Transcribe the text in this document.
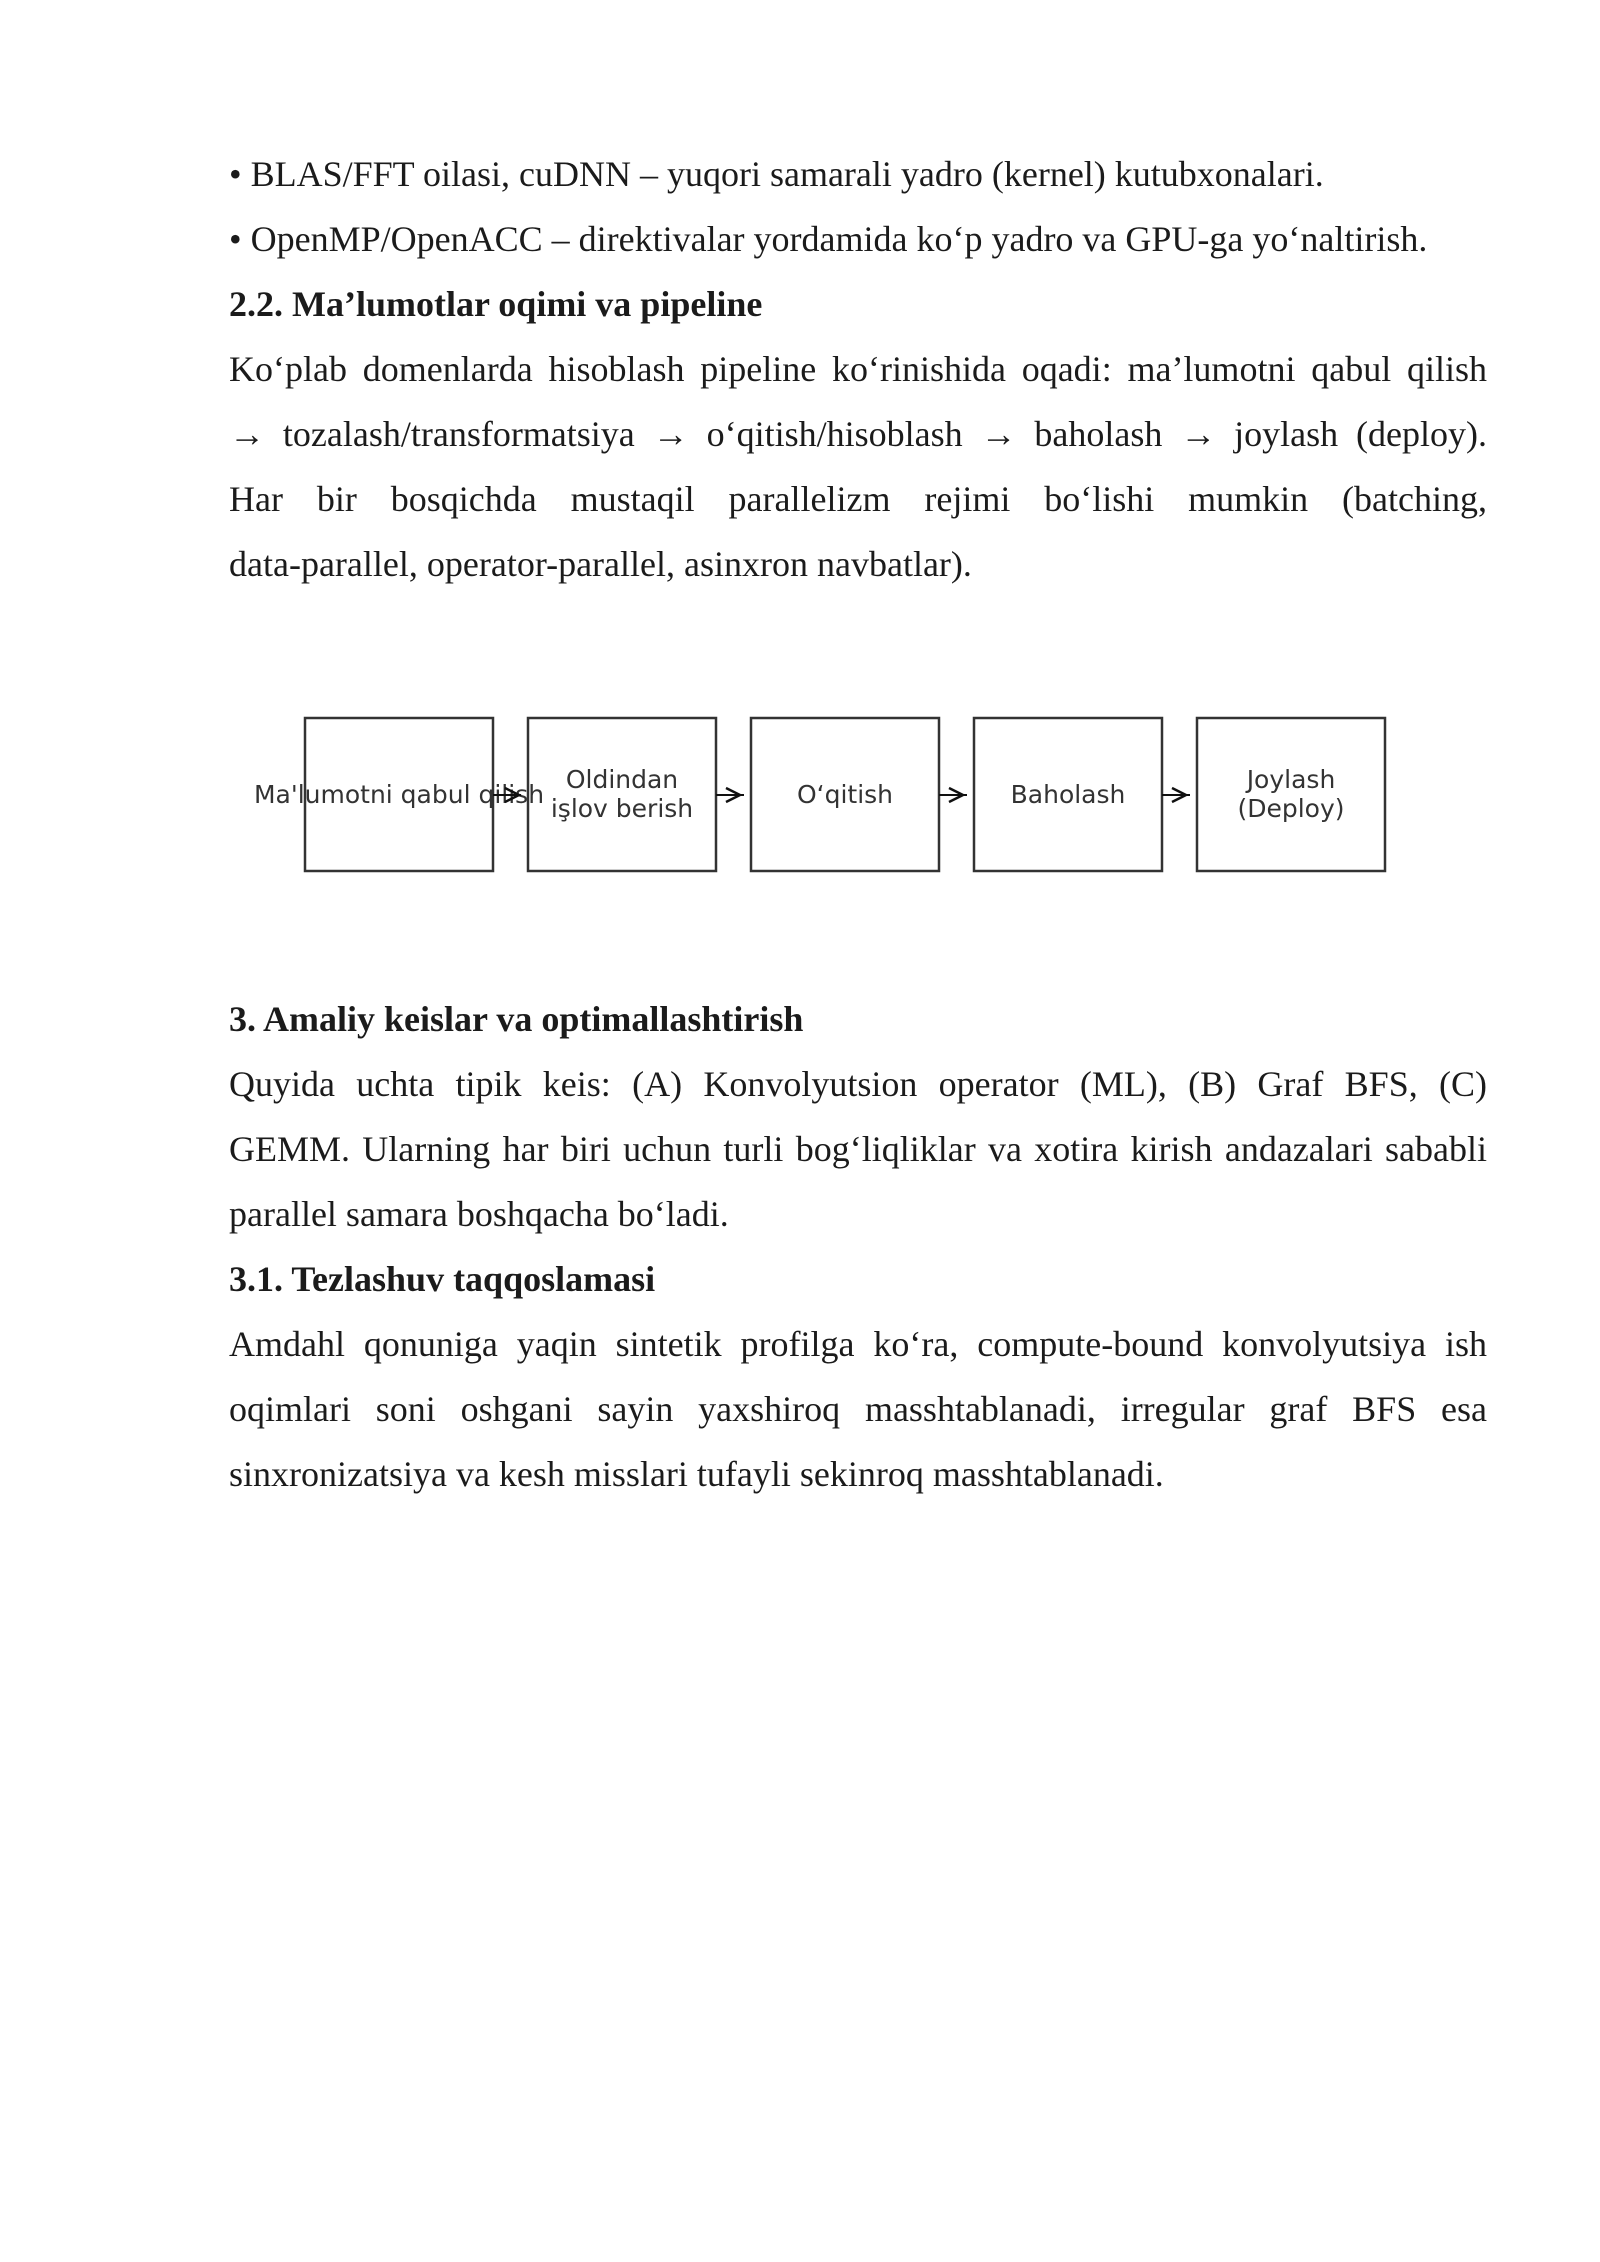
• BLAS/FFT oilasi, cuDNN – yuqori samarali yadro (kernel) kutubxonalari.
• OpenMP/OpenACC – direktivalar yordamida ko‘p yadro va GPU-ga yo‘naltirish.
2.2. Ma’lumotlar oqimi va pipeline
Ko‘plab domenlarda hisoblash pipeline ko‘rinishida oqadi: ma’lumotni qabul qilish
→ tozalash/transformatsiya → o‘qitish/hisoblash → baholash → joylash (deploy).
Har bir bosqichda mustaqil parallelizm rejimi bo‘lishi mumkin (batching,
data-parallel, operator-parallel, asinxron navbatlar).
Ma'lumotni qabul qilish
Oldindan
işlov berish	O‘qitish	Baholash
Joylash
(Deploy)
3. Amaliy keislar va optimallashtirish
Quyida uchta tipik keis: (A) Konvolyutsion operator (ML), (B) Graf BFS, (C)
GEMM. Ularning har biri uchun turli bog‘liqliklar va xotira kirish andazalari sababli
parallel samara boshqacha bo‘ladi.
3.1. Tezlashuv taqqoslamasi
Amdahl qonuniga yaqin sintetik profilga ko‘ra, compute-bound konvolyutsiya ish
oqimlari soni oshgani sayin yaxshiroq masshtablanadi, irregular graf BFS esa
sinxronizatsiya va kesh misslari tufayli sekinroq masshtablanadi.
